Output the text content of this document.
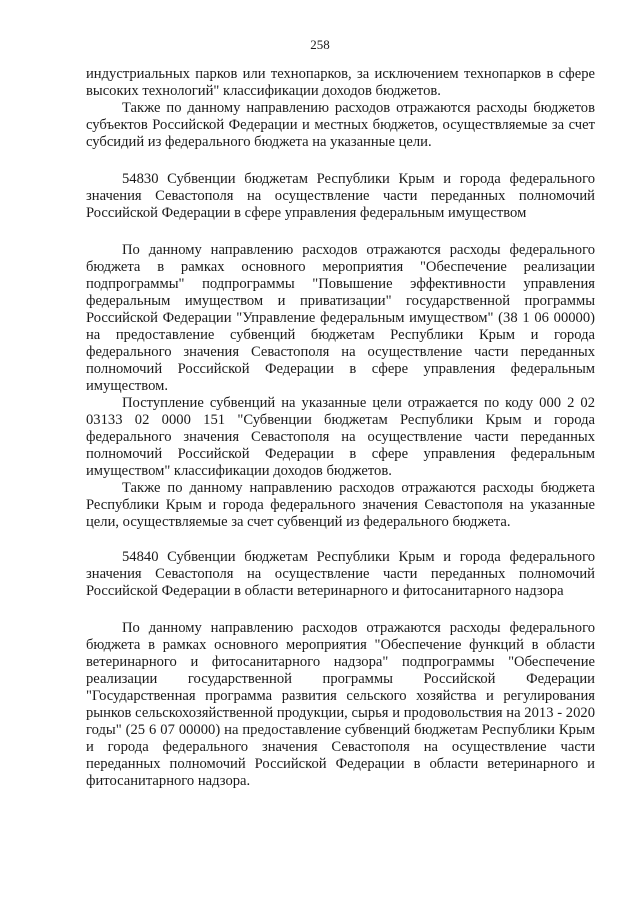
258

индустриальных парков или технопарков, за исключением технопарков в сфере высоких технологий" классификации доходов бюджетов.

Также по данному направлению расходов отражаются расходы бюджетов субъектов Российской Федерации и местных бюджетов, осуществляемые за счет субсидий из федерального бюджета на указанные цели.

54830 Субвенции бюджетам Республики Крым и города федерального значения Севастополя на осуществление части переданных полномочий Российской Федерации в сфере управления федеральным имуществом

По данному направлению расходов отражаются расходы федерального бюджета в рамках основного мероприятия "Обеспечение реализации подпрограммы" подпрограммы "Повышение эффективности управления федеральным имуществом и приватизации" государственной программы Российской Федерации "Управление федеральным имуществом" (38 1 06 00000) на предоставление субвенций бюджетам Республики Крым и города федерального значения Севастополя на осуществление части переданных полномочий Российской Федерации в сфере управления федеральным имуществом.

Поступление субвенций на указанные цели отражается по коду 000 2 02 03133 02 0000 151 "Субвенции бюджетам Республики Крым и города федерального значения Севастополя на осуществление части переданных полномочий Российской Федерации в сфере управления федеральным имуществом" классификации доходов бюджетов.

Также по данному направлению расходов отражаются расходы бюджета Республики Крым и города федерального значения Севастополя на указанные цели, осуществляемые за счет субвенций из федерального бюджета.

54840 Субвенции бюджетам Республики Крым и города федерального значения Севастополя на осуществление части переданных полномочий Российской Федерации в области ветеринарного и фитосанитарного надзора

По данному направлению расходов отражаются расходы федерального бюджета в рамках основного мероприятия "Обеспечение функций в области ветеринарного и фитосанитарного надзора" подпрограммы "Обеспечение реализации государственной программы Российской Федерации "Государственная программа развития сельского хозяйства и регулирования рынков сельскохозяйственной продукции, сырья и продовольствия на 2013 - 2020 годы" (25 6 07 00000) на предоставление субвенций бюджетам Республики Крым и города федерального значения Севастополя на осуществление части переданных полномочий Российской Федерации в области ветеринарного и фитосанитарного надзора.
